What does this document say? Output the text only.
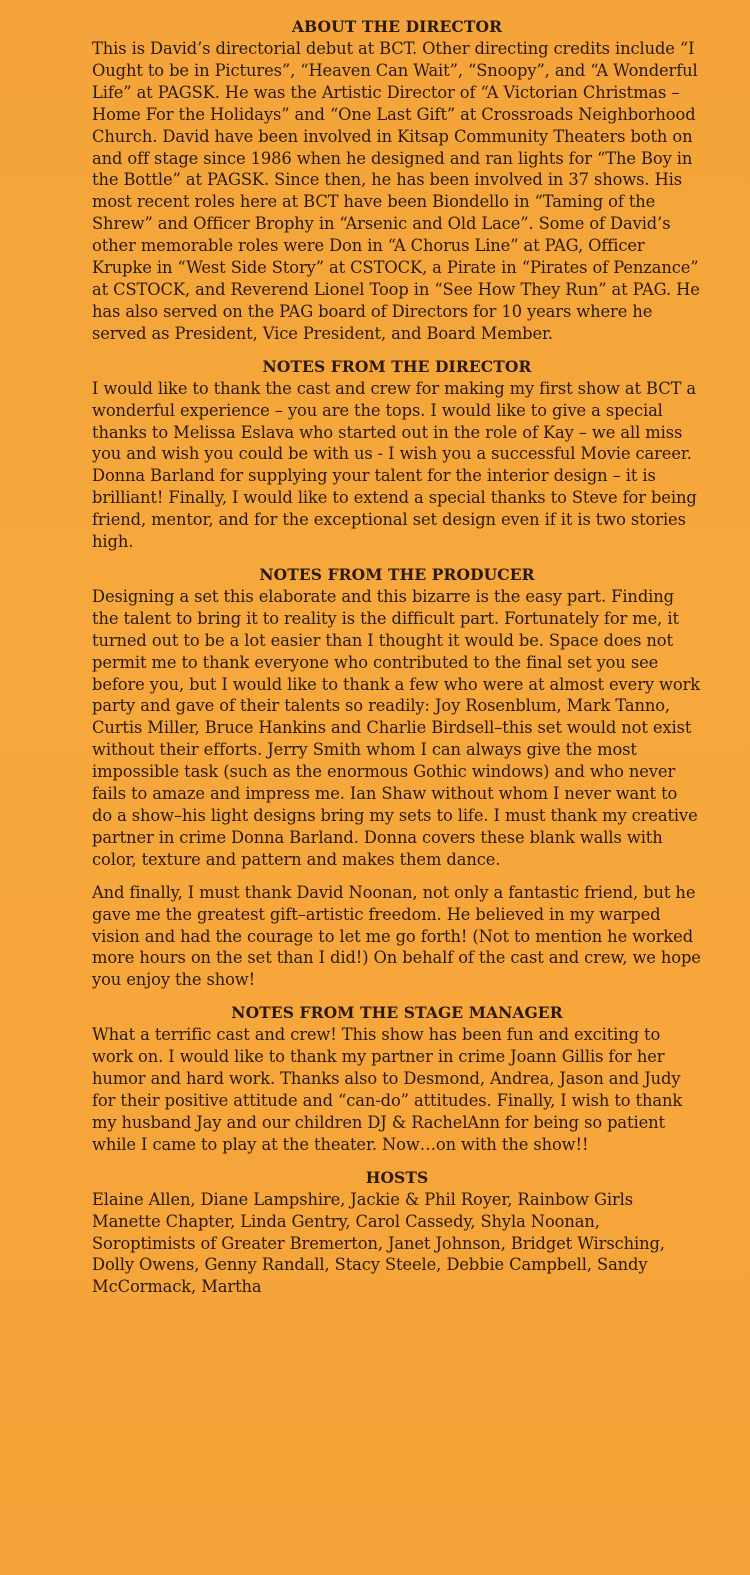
ABOUT THE DIRECTOR

This is David’s directorial debut at BCT. Other directing credits include “I Ought to be in Pictures”, “Heaven Can Wait”, “Snoopy”, and “A Wonderful Life” at PAGSK. He was the Artistic Director of “A Victorian Christmas – Home For the Holidays” and “One Last Gift” at Crossroads Neighborhood Church. David have been involved in Kitsap Community Theaters both on and off stage since 1986 when he designed and ran lights for “The Boy in the Bottle” at PAGSK. Since then, he has been involved in 37 shows. His most recent roles here at BCT have been Biondello in “Taming of the Shrew” and Officer Brophy in “Arsenic and Old Lace”. Some of David’s other memorable roles were Don in “A Chorus Line” at PAG, Officer Krupke in “West Side Story” at CSTOCK, a Pirate in “Pirates of Penzance” at CSTOCK, and Reverend Lionel Toop in “See How They Run” at PAG. He has also served on the PAG board of Directors for 10 years where he served as President, Vice President, and Board Member.

NOTES FROM THE DIRECTOR

I would like to thank the cast and crew for making my first show at BCT a wonderful experience – you are the tops. I would like to give a special thanks to Melissa Eslava who started out in the role of Kay – we all miss you and wish you could be with us - I wish you a successful Movie career. Donna Barland for supplying your talent for the interior design – it is brilliant! Finally, I would like to extend a special thanks to Steve for being friend, mentor, and for the exceptional set design even if it is two stories high.

NOTES FROM THE PRODUCER

Designing a set this elaborate and this bizarre is the easy part. Finding the talent to bring it to reality is the difficult part. Fortunately for me, it turned out to be a lot easier than I thought it would be. Space does not permit me to thank everyone who contributed to the final set you see before you, but I would like to thank a few who were at almost every work party and gave of their talents so readily: Joy Rosenblum, Mark Tanno, Curtis Miller, Bruce Hankins and Charlie Birdsell–this set would not exist without their efforts. Jerry Smith whom I can always give the most impossible task (such as the enormous Gothic windows) and who never fails to amaze and impress me. Ian Shaw without whom I never want to do a show–his light designs bring my sets to life. I must thank my creative partner in crime Donna Barland. Donna covers these blank walls with color, texture and pattern and makes them dance.

And finally, I must thank David Noonan, not only a fantastic friend, but he gave me the greatest gift–artistic freedom. He believed in my warped vision and had the courage to let me go forth! (Not to mention he worked more hours on the set than I did!) On behalf of the cast and crew, we hope you enjoy the show!

NOTES FROM THE STAGE MANAGER

What a terrific cast and crew! This show has been fun and exciting to work on. I would like to thank my partner in crime Joann Gillis for her humor and hard work. Thanks also to Desmond, Andrea, Jason and Judy for their positive attitude and “can-do” attitudes. Finally, I wish to thank my husband Jay and our children DJ & RachelAnn for being so patient while I came to play at the theater. Now…on with the show!!

HOSTS

Elaine Allen, Diane Lampshire, Jackie & Phil Royer, Rainbow Girls Manette Chapter, Linda Gentry, Carol Cassedy, Shyla Noonan, Soroptimists of Greater Bremerton, Janet Johnson, Bridget Wirsching, Dolly Owens, Genny Randall, Stacy Steele, Debbie Campbell, Sandy McCormack, Martha
